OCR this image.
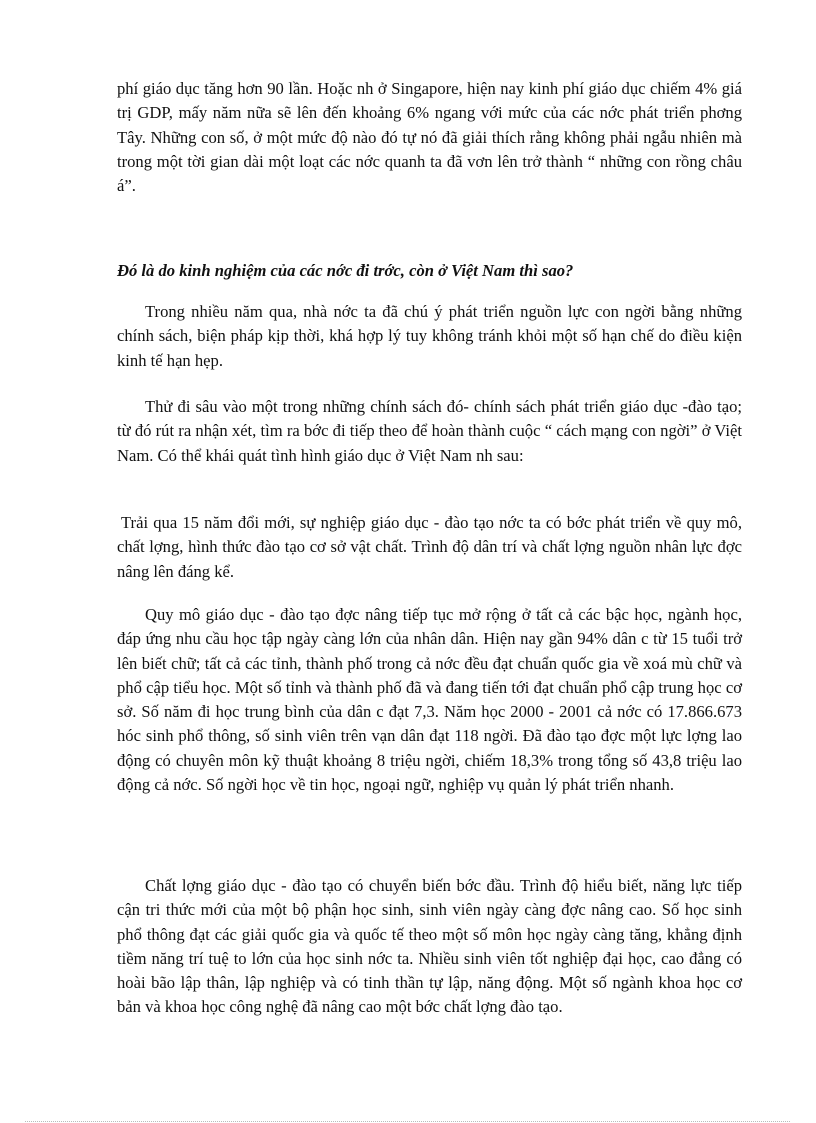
phí giáo dục tăng hơn 90 lần. Hoặc nh ở Singapore, hiện nay kinh phí giáo dục chiếm 4% giá trị GDP, mấy năm nữa sẽ lên đến khoảng 6% ngang với mức của các nớc phát triển phơng Tây. Những con số, ở một mức độ nào đó tự nó đã giải thích rằng không phải ngẫu nhiên mà trong một tời gian dài một loạt các nớc quanh ta đã vơn lên trở thành “ những con rồng châu á”.

Đó là do kinh nghiệm của các nớc đi trớc, còn ở Việt Nam thì sao?

Trong nhiều năm qua, nhà nớc ta đã chú ý phát triển nguồn lực con ngời bằng những chính sách, biện pháp kịp thời, khá hợp lý tuy không tránh khỏi một số hạn chế do điều kiện kinh tế hạn hẹp.

Thử đi sâu vào một trong những chính sách đó- chính sách phát triển giáo dục -đào tạo; từ đó rút ra nhận xét, tìm ra bớc đi tiếp theo để hoàn thành cuộc “ cách mạng con ngời” ở Việt Nam. Có thể khái quát tình hình giáo dục ở Việt Nam nh sau:

Trải qua 15 năm đổi mới, sự nghiệp giáo dục - đào tạo nớc ta có bớc phát triển về quy mô, chất lợng, hình thức đào tạo cơ sở vật chất. Trình độ dân trí và chất lợng nguồn nhân lực đợc nâng lên đáng kể.

Quy mô giáo dục - đào tạo đợc nâng tiếp tục mở rộng ở tất cả các bậc học, ngành học, đáp ứng nhu cầu học tập ngày càng lớn của nhân dân. Hiện nay gần 94% dân c từ 15 tuổi trở lên biết chữ; tất cả các tỉnh, thành phố trong cả nớc đều đạt chuẩn quốc gia về xoá mù chữ và phổ cập tiểu học. Một số tỉnh và thành phố đã và đang tiến tới đạt chuẩn phổ cập trung học cơ sở. Số năm đi học trung bình của dân c đạt 7,3. Năm học 2000 - 2001 cả nớc có 17.866.673 hóc sinh phổ thông, số sinh viên trên vạn dân đạt 118 ngời. Đã đào tạo đợc một lực lợng lao động có chuyên môn kỹ thuật khoảng 8 triệu ngời, chiếm 18,3% trong tổng số 43,8 triệu lao động cả nớc. Số ngời học về tin học, ngoại ngữ, nghiệp vụ quản lý phát triển nhanh.

Chất lợng giáo dục - đào tạo có chuyển biến bớc đầu. Trình độ hiểu biết, năng lực tiếp cận tri thức mới của một bộ phận học sinh, sinh viên ngày càng đợc nâng cao. Số học sinh phổ thông đạt các giải quốc gia và quốc tế theo một số môn học ngày càng tăng, khẳng định tiềm năng trí tuệ to lớn của học sinh nớc ta. Nhiều sinh viên tốt nghiệp đại học, cao đẳng có hoài bão lập thân, lập nghiệp và có tinh thần tự lập, năng động. Một số ngành khoa học cơ bản và khoa học công nghệ đã nâng cao một bớc chất lợng đào tạo.
